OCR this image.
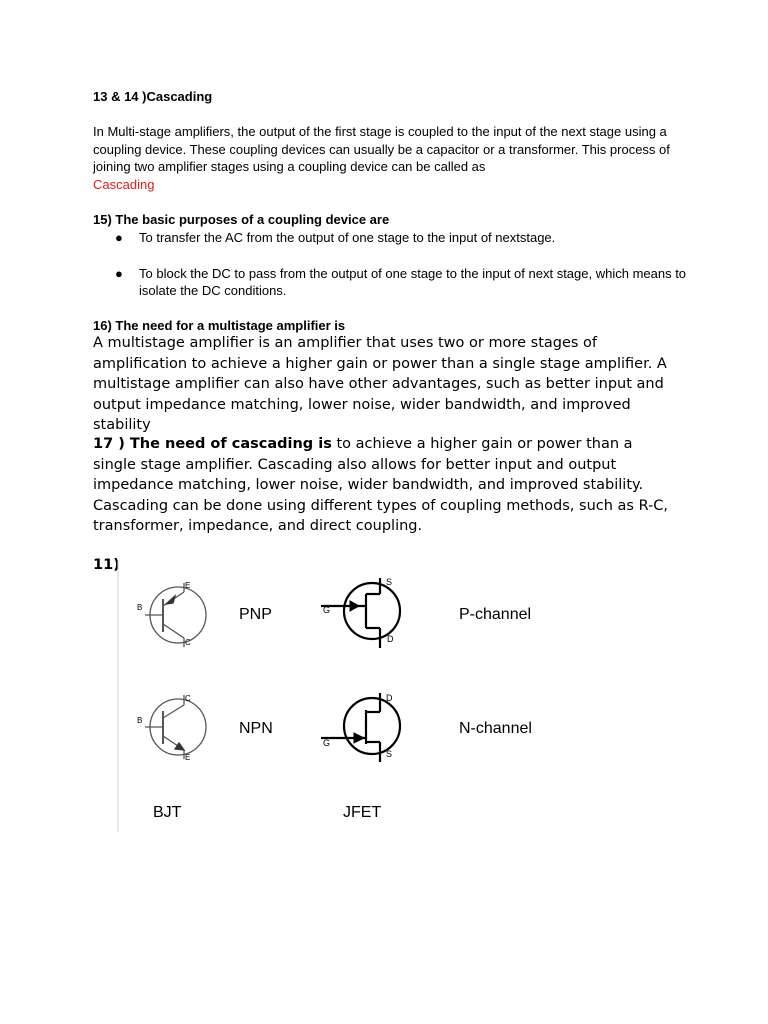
13 & 14 )Cascading
In Multi-stage amplifiers, the output of the first stage is coupled to the input of the next stage using a coupling device. These coupling devices can usually be a capacitor or a transformer. This process of joining two amplifier stages using a coupling device can be called as
Cascading
15) The basic purposes of a coupling device are
● To transfer the AC from the output of one stage to the input of nextstage.
● To block the DC to pass from the output of one stage to the input of next stage, which means to isolate the DC conditions.
16) The need for a multistage amplifier is
A multistage amplifier is an amplifier that uses two or more stages of amplification to achieve a higher gain or power than a single stage amplifier. A multistage amplifier can also have other advantages, such as better input and output impedance matching, lower noise, wider bandwidth, and improved stability
17 ) The need of cascading is to achieve a higher gain or power than a single stage amplifier. Cascading also allows for better input and output impedance matching, lower noise, wider bandwidth, and improved stability. Cascading can be done using different types of coupling methods, such as R-C, transformer, impedance, and direct coupling.
11)
B
E
C
B
C
E
G
S
D
G
D
S
PNP
NPN
P-channel
N-channel
BJT	JFET
